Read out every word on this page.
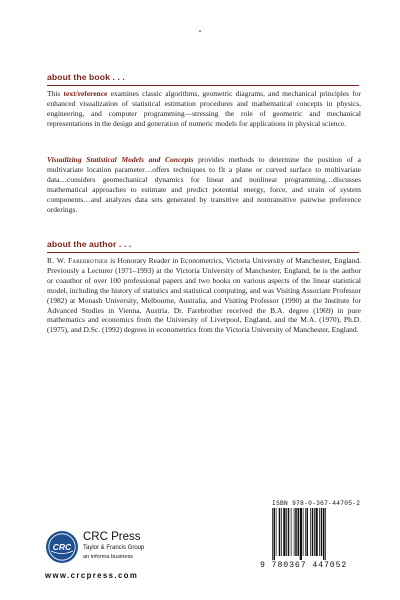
about the book . . .

This text/reference examines classic algorithms, geometric diagrams, and mechanical principles for enhanced visualization of statistical estimation procedures and mathematical concepts in physics, engineering, and computer programming—stressing the role of geometric and mechanical representations in the design and generation of numeric models for applications in physical science.

Visualizing Statistical Models and Concepts provides methods to determine the position of a multivariate location parameter…offers techniques to fit a plane or curved surface to multivariate data…considers geomechanical dynamics for linear and nonlinear programming…discusses mathematical approaches to estimate and predict potential energy, force, and strain of system components…and analyzes data sets generated by transitive and nontransitive pairwise preference orderings.

about the author . . .

R. W. Farebrother is Honorary Reader in Econometrics, Victoria University of Manchester, England. Previously a Lecturer (1971–1993) at the Victoria University of Manchester, England, he is the author or coauthor of over 100 professional papers and two books on various aspects of the linear statistical model, including the history of statistics and statistical computing, and was Visiting Associate Professor (1982) at Monash University, Melbourne, Australia, and Visiting Professor (1990) at the Institute for Advanced Studies in Vienna, Austria. Dr. Farebrother received the B.A. degree (1969) in pure mathematics and economics from the University of Liverpool, England, and the M.A. (1970), Ph.D. (1975), and D.Sc. (1992) degrees in econometrics from the Victoria University of Manchester, England.

ISBN 978-0-367-44705-2
9 780367 447052
CRC
CRC Press
Taylor & Francis Group
an informa business
www.crcpress.com
